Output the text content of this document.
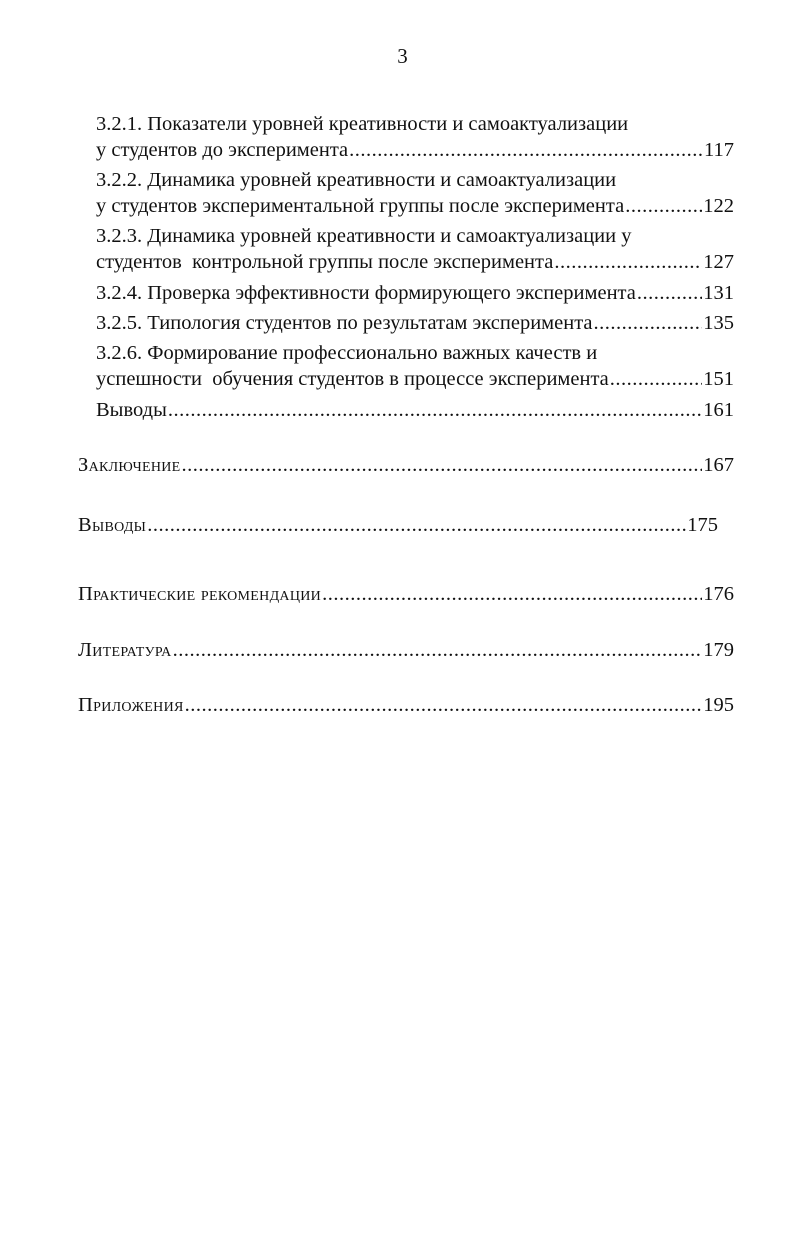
3
3.2.1. Показатели уровней креативности и самоактуализации
у студентов до эксперимента .....	117
3.2.2. Динамика уровней креативности и самоактуализации
у студентов экспериментальной группы после эксперимента .....	122
3.2.3. Динамика уровней креативности и самоактуализации у
студентов  контрольной группы после эксперимента .....	127
3.2.4. Проверка эффективности формирующего эксперимента .....	131
3.2.5. Типология студентов по результатам эксперимента .....	135
3.2.6. Формирование профессионально важных качеств и
успешности  обучения студентов в процессе эксперимента .....	151
Выводы .....	161
Заключение .....	167
Выводы .....	175
Практические рекомендации .....	176
Литература .....	179
Приложения .....	195
